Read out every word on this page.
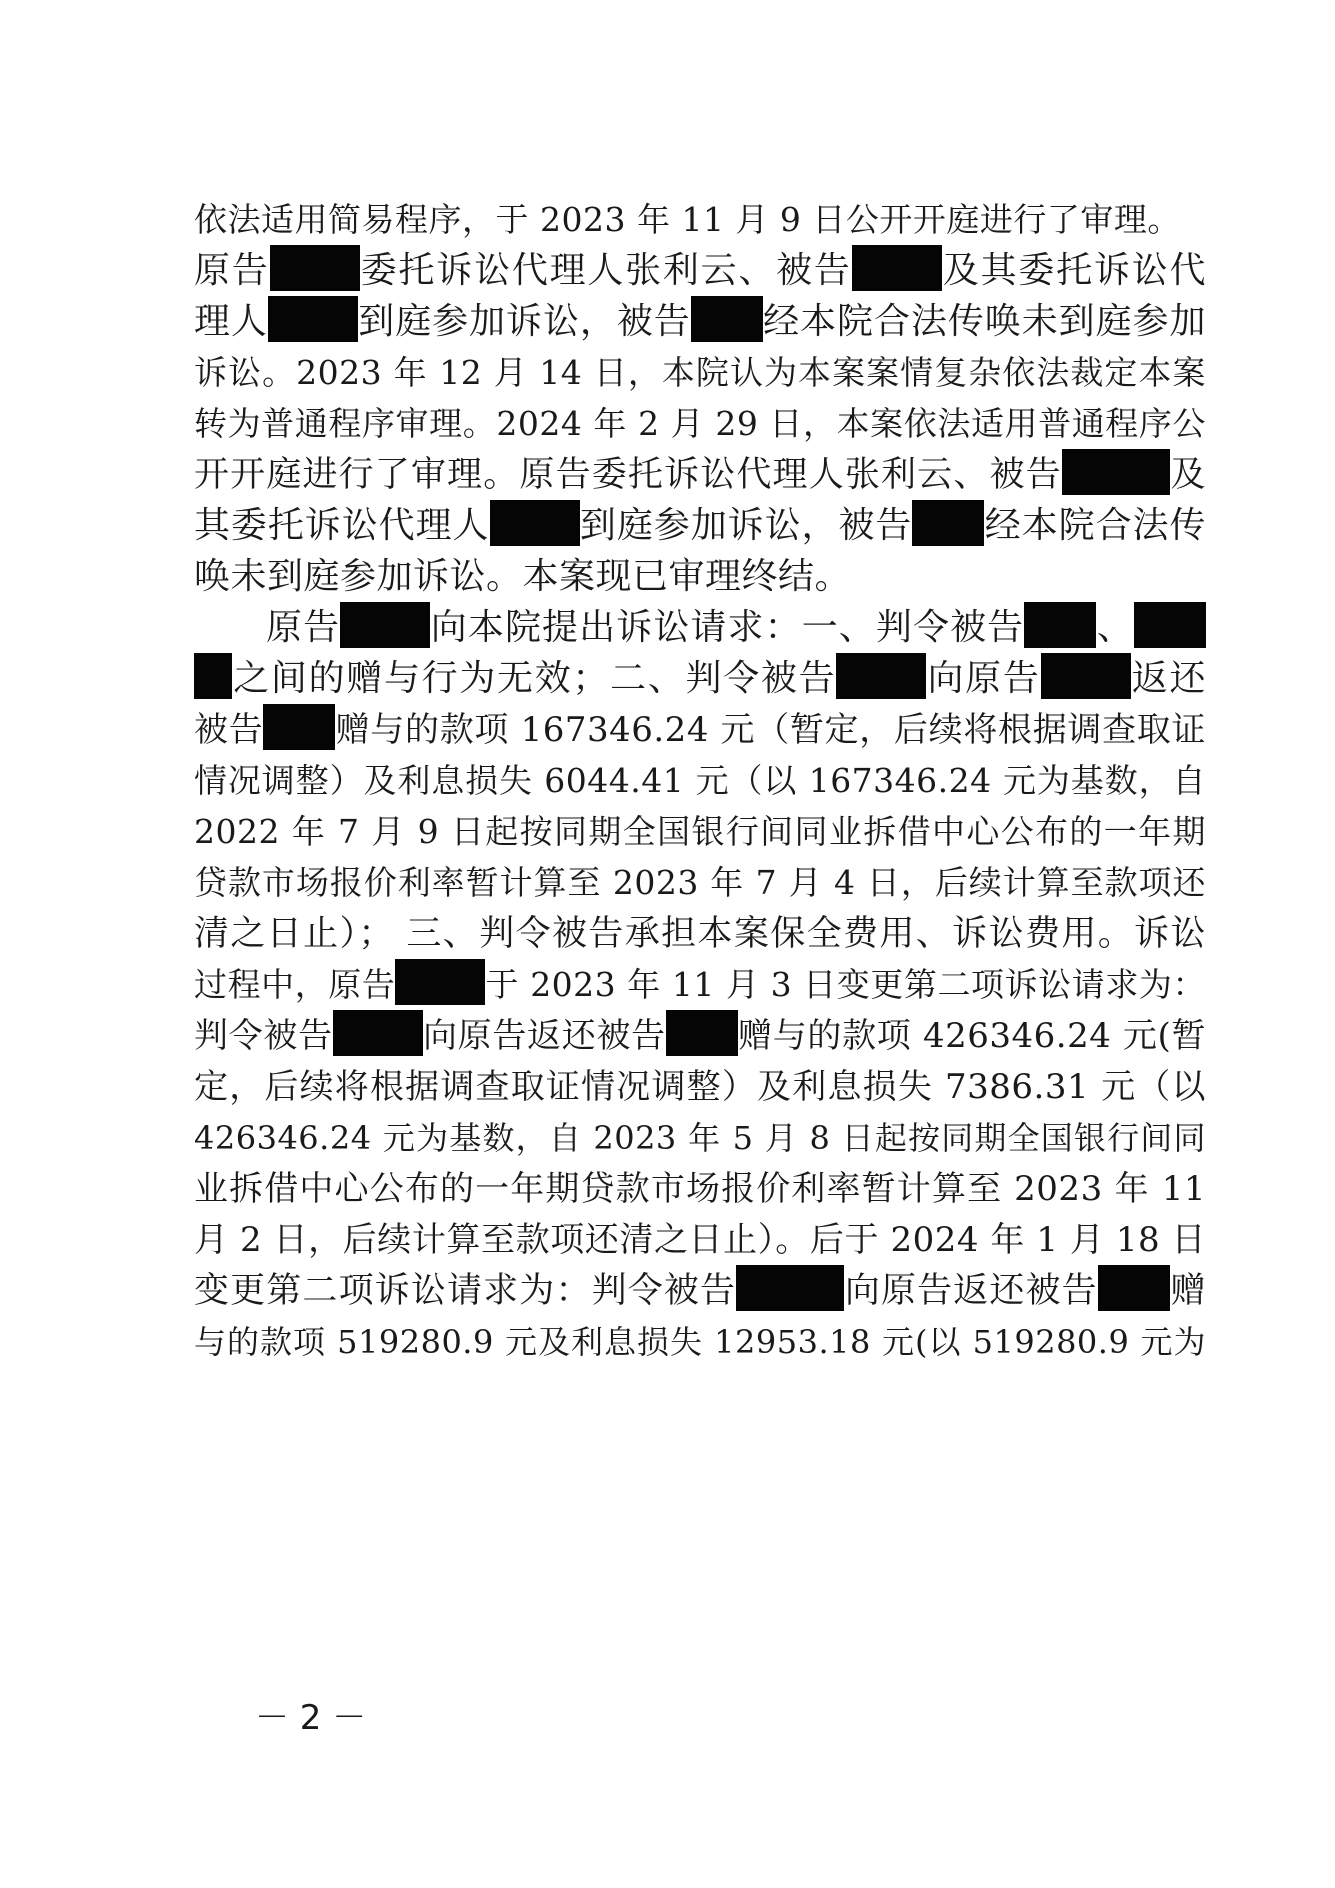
依法适用简易程序，于 2023 年 11 月 9 日公开开庭进行了审理。
原告	委托诉讼代理人张利云、被告	及其委托诉讼代
理人	到庭参加诉讼，被告 经本院合法传唤未到庭参加
诉讼。2023 年 12 月 14 日，本院认为本案案情复杂依法裁定本案
转为普通程序审理。2024 年 2 月 29 日，本案依法适用普通程序公
开开庭进行了审理。原告委托诉讼代理人张利云、被告	及
其委托诉讼代理人	到庭参加诉讼，被告 经本院合法传
唤未到庭参加诉讼。本案现已审理终结。
原告	向本院提出诉讼请求：一、判令被告 、
之间的赠与行为无效；二、判令被告	向原告	返还
被告 赠与的款项 167346.24 元（暂定，后续将根据调查取证
情况调整）及利息损失 6044.41 元（以 167346.24 元为基数，自
2022 年 7 月 9 日起按同期全国银行间同业拆借中心公布的一年期
贷款市场报价利率暂计算至 2023 年 7 月 4 日，后续计算至款项还
清之日止）； 三、判令被告承担本案保全费用、诉讼费用。诉讼
过程中，原告	于 2023 年 11 月 3 日变更第二项诉讼请求为：
判令被告	向原告返还被告 赠与的款项 426346.24 元(暂
定，后续将根据调查取证情况调整）及利息损失 7386.31 元（以
426346.24 元为基数，自 2023 年 5 月 8 日起按同期全国银行间同
业拆借中心公布的一年期贷款市场报价利率暂计算至 2023 年 11
月 2 日，后续计算至款项还清之日止）。后于 2024 年 1 月 18 日
变更第二项诉讼请求为：判令被告	向原告返还被告 赠
与的款项 519280.9 元及利息损失 12953.18 元(以 519280.9 元为
－ 2 －
